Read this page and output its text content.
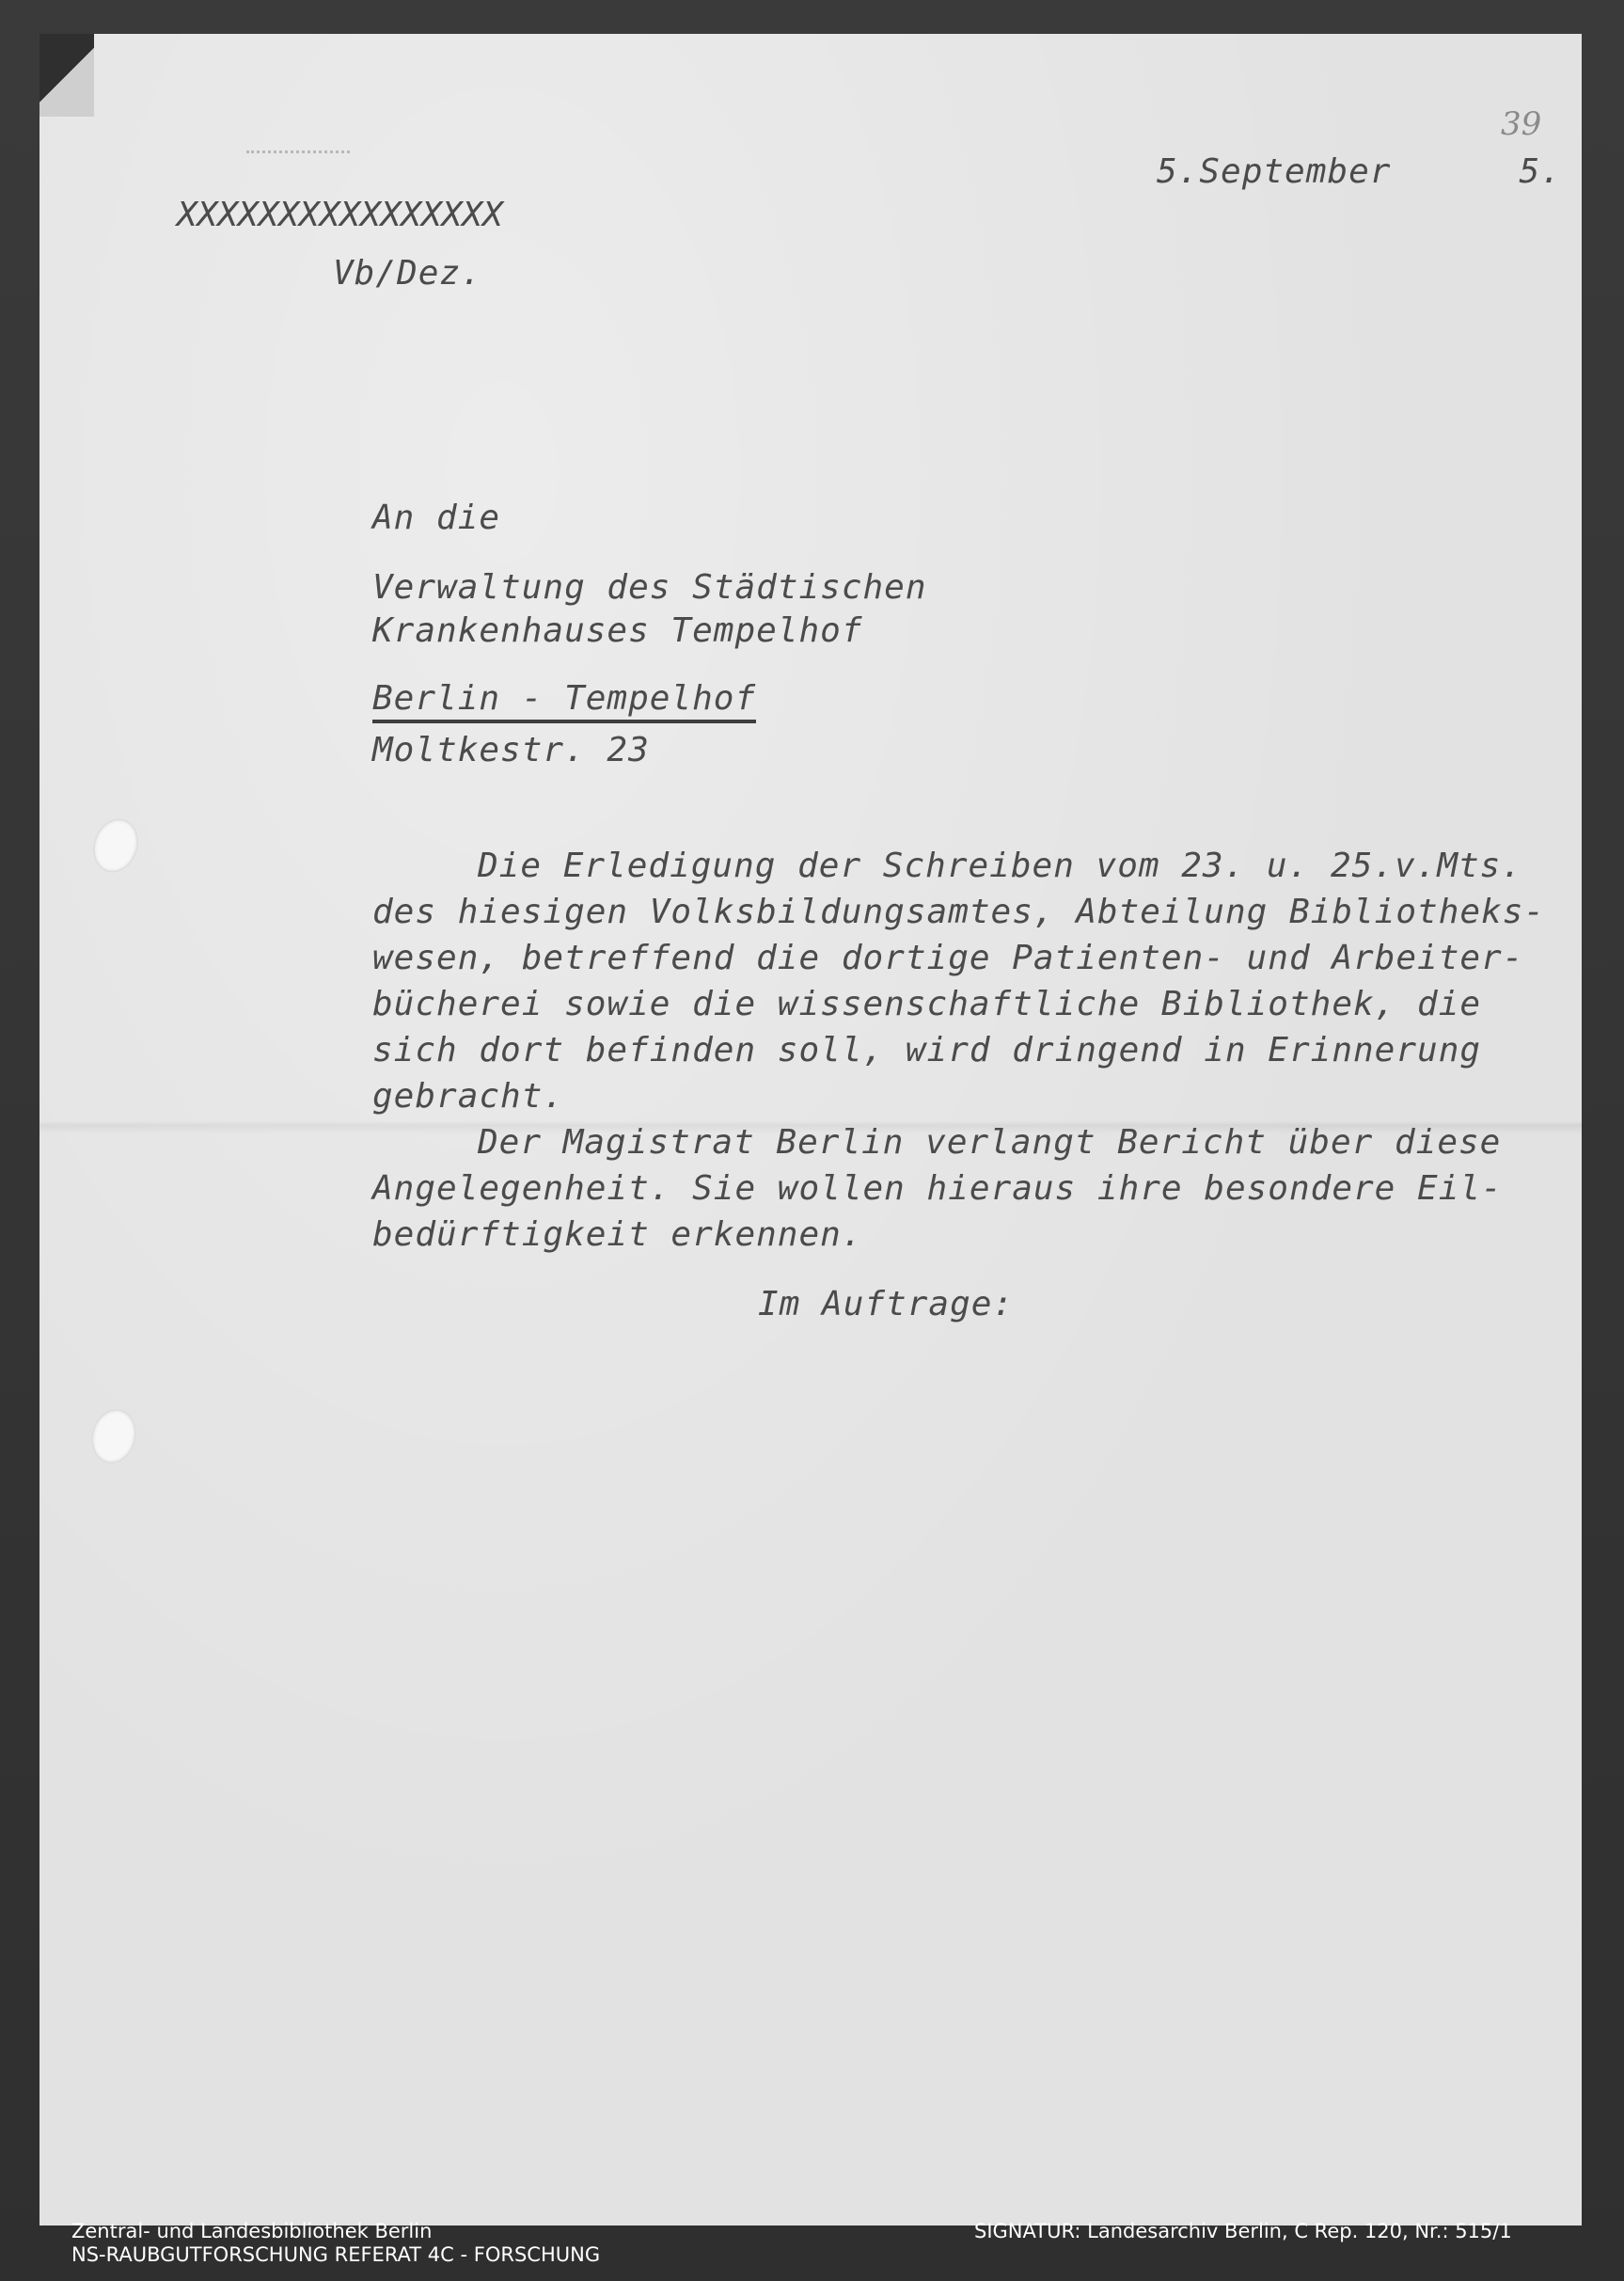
39
5.September      5.
XXXXXXXXXXXXXXXX
Vb/Dez.
An die
Verwaltung des Städtischen
Krankenhauses Tempelhof
Berlin - Tempelhof
Moltkestr. 23
Die Erledigung der Schreiben vom 23. u. 25.v.Mts.
des hiesigen Volksbildungsamtes, Abteilung Bibliotheks-
wesen, betreffend die dortige Patienten- und Arbeiter-
bücherei sowie die wissenschaftliche Bibliothek, die
sich dort befinden soll, wird dringend in Erinnerung
gebracht.
Der Magistrat Berlin verlangt Bericht über diese
Angelegenheit. Sie wollen hieraus ihre besondere Eil-
bedürftigkeit erkennen.
Im Auftrage:
Zentral- und Landesbibliothek Berlin
NS-RAUBGUTFORSCHUNG REFERAT 4C - FORSCHUNG
SIGNATUR: Landesarchiv Berlin, C Rep. 120, Nr.: 515/1
